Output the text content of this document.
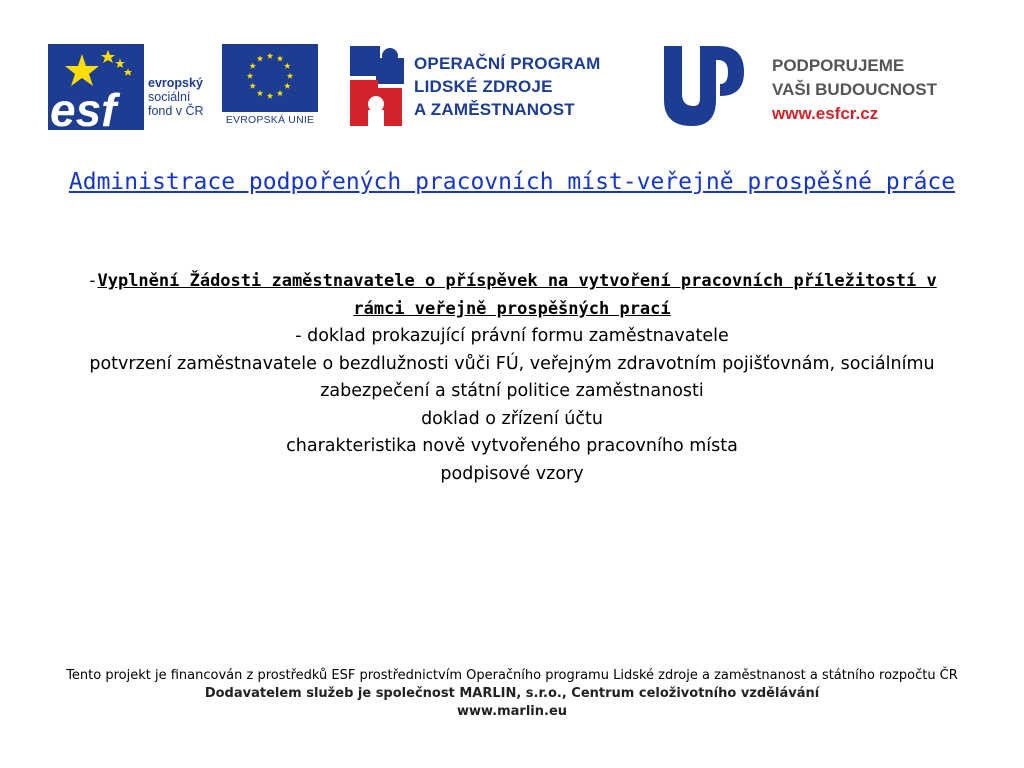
esf
evropský
sociální
fond v ČR
EVROPSKÁ UNIE
OPERAČNÍ PROGRAM
LIDSKÉ ZDROJE
A ZAMĚSTNANOST
PODPORUJEME
VAŠI BUDOUCNOST
www.esfcr.cz
Administrace podpořených pracovních míst-veřejně prospěšné práce
-Vyplnění Žádosti zaměstnavatele o příspěvek na vytvoření pracovních příležitostí v rámci veřejně prospěšných prací
- doklad prokazující právní formu zaměstnavatele
potvrzení zaměstnavatele o bezdlužnosti vůči FÚ, veřejným zdravotním pojišťovnám, sociálnímu zabezpečení a státní politice zaměstnanosti
doklad o zřízení účtu
charakteristika nově vytvořeného pracovního místa
podpisové vzory
Tento projekt je financován z prostředků ESF prostřednictvím Operačního programu Lidské zdroje a zaměstnanost a státního rozpočtu ČR
Dodavatelem služeb je společnost MARLIN, s.r.o., Centrum celoživotního vzdělávání
www.marlin.eu
